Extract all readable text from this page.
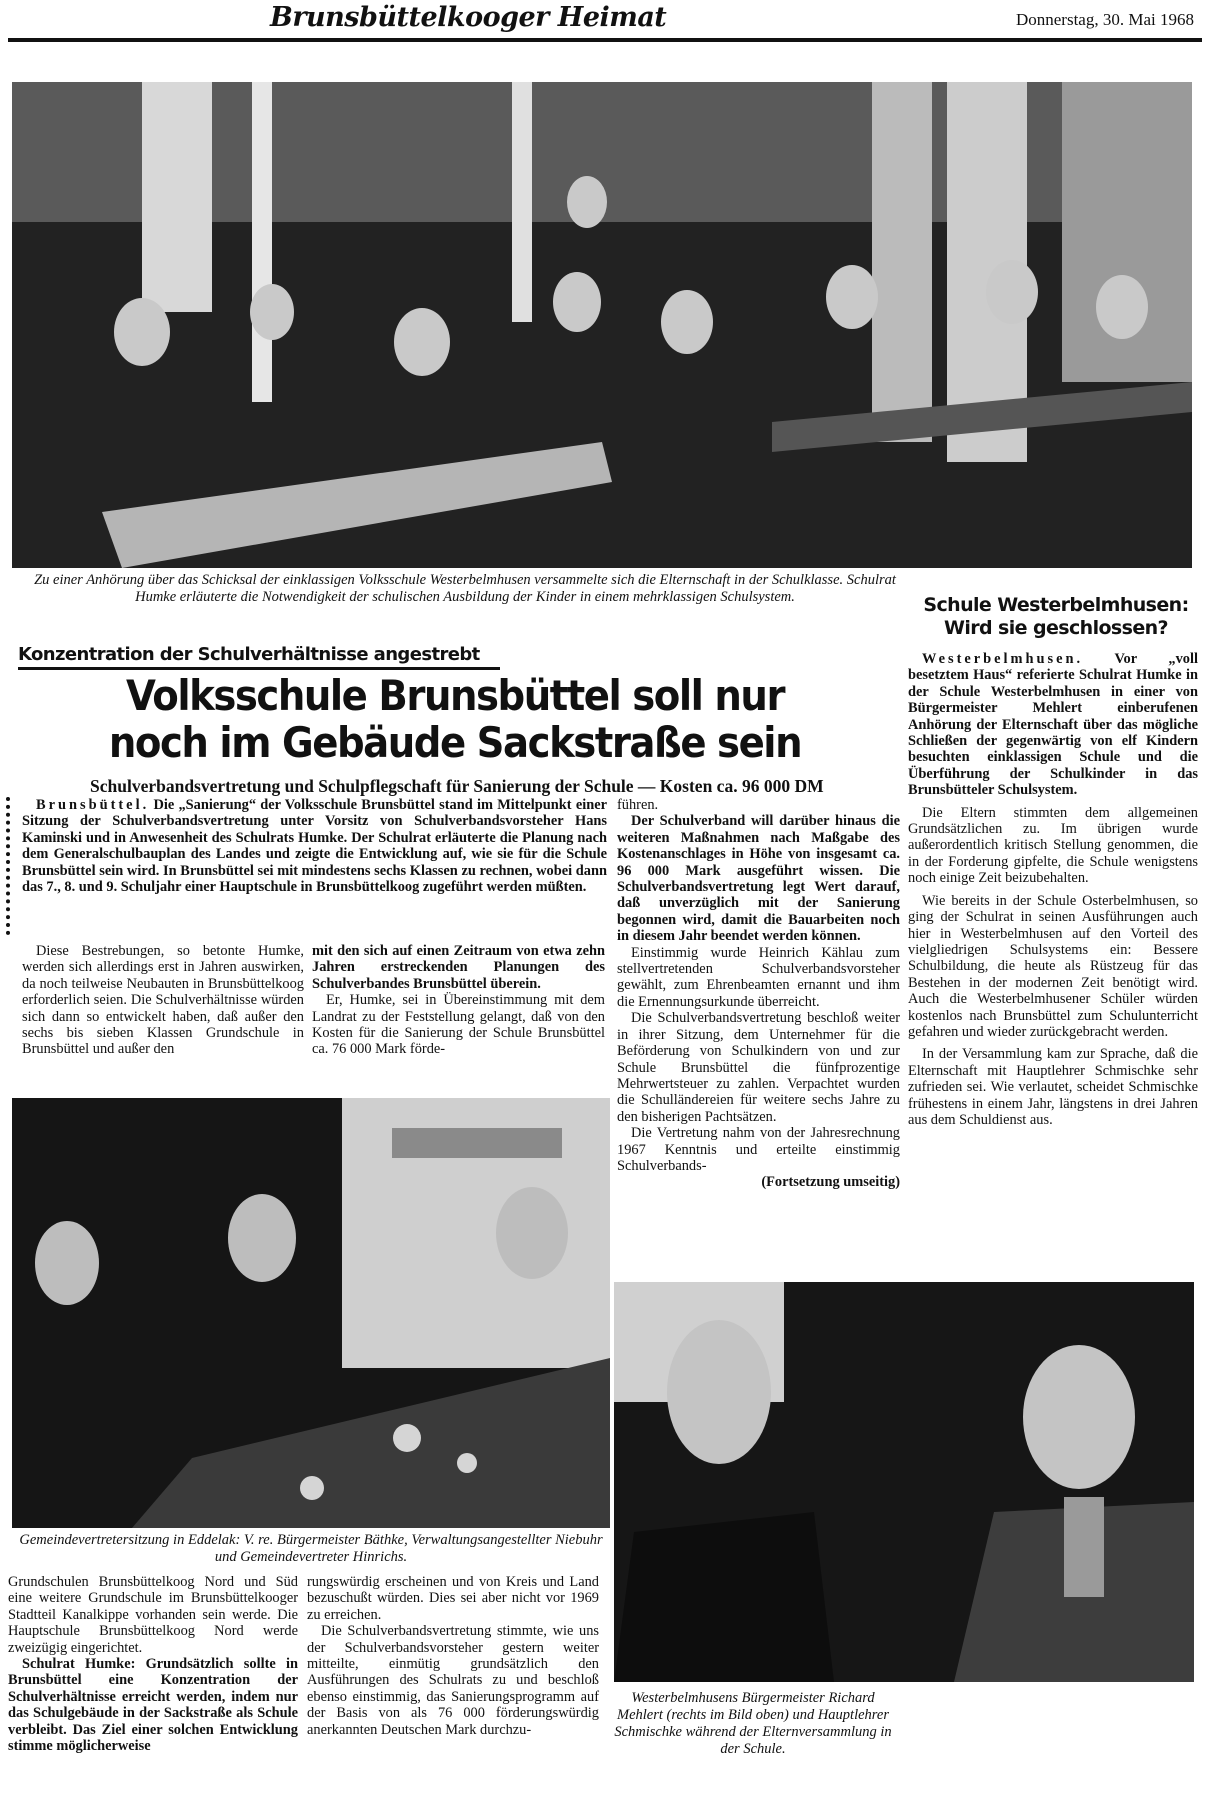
Brunsbüttelkooger Heimat	Donnerstag, 30. Mai 1968
Zu einer Anhörung über das Schicksal der einklassigen Volksschule Westerbelmhusen versammelte sich die Elternschaft in der Schulklasse. Schulrat Humke erläuterte die Notwendigkeit der schulischen Ausbildung der Kinder in einem mehrklassigen Schulsystem.
Konzentration der Schulverhältnisse angestrebt
Volksschule Brunsbüttel soll nur
noch im Gebäude Sackstraße sein
Schulverbandsvertretung und Schulpflegschaft für Sanierung der Schule — Kosten ca. 96 000 DM

Brunsbüttel. Die „Sanierung“ der Volksschule Brunsbüttel stand im Mittelpunkt einer Sitzung der Schulverbandsvertretung unter Vorsitz von Schulverbandsvorsteher Hans Kaminski und in Anwesenheit des Schulrats Humke. Der Schulrat erläuterte die Planung nach dem Generalschulbauplan des Landes und zeigte die Entwicklung auf, wie sie für die Schule Brunsbüttel sein wird. In Brunsbüttel sei mit mindestens sechs Klassen zu rechnen, wobei dann das 7., 8. und 9. Schuljahr einer Hauptschule in Brunsbüttelkoog zugeführt werden müßten.

Diese Bestrebungen, so betonte Humke, werden sich allerdings erst in Jahren auswirken, da noch teilweise Neubauten in Brunsbüttelkoog erforderlich seien. Die Schulverhältnisse würden sich dann so entwickelt haben, daß außer den sechs bis sieben Klassen Grundschule in Brunsbüttel und außer den

mit den sich auf einen Zeitraum von etwa zehn Jahren erstreckenden Planungen des Schulverbandes Brunsbüttel überein.

Er, Humke, sei in Übereinstimmung mit dem Landrat zu der Feststellung gelangt, daß von den Kosten für die Sanierung der Schule Brunsbüttel ca. 76 000 Mark förde-

führen.

Der Schulverband will darüber hinaus die weiteren Maßnahmen nach Maßgabe des Kostenanschlages in Höhe von insgesamt ca. 96 000 Mark ausgeführt wissen. Die Schulverbandsvertretung legt Wert darauf, daß unverzüglich mit der Sanierung begonnen wird, damit die Bauarbeiten noch in diesem Jahr beendet werden können.

Einstimmig wurde Heinrich Kählau zum stellvertretenden Schulverbandsvorsteher gewählt, zum Ehrenbeamten ernannt und ihm die Ernennungsurkunde überreicht.

Die Schulverbandsvertretung beschloß weiter in ihrer Sitzung, dem Unternehmer für die Beförderung von Schulkindern von und zur Schule Brunsbüttel die fünfprozentige Mehrwertsteuer zu zahlen. Verpachtet wurden die Schulländereien für weitere sechs Jahre zu den bisherigen Pachtsätzen.

Die Vertretung nahm von der Jahresrechnung 1967 Kenntnis und erteilte einstimmig Schulverbands-

(Fortsetzung umseitig)
Gemeindevertretersitzung in Eddelak: V. re. Bürgermeister Bäthke, Verwaltungsangestellter Niebuhr und Gemeindevertreter Hinrichs.

Grundschulen Brunsbüttelkoog Nord und Süd eine weitere Grundschule im Brunsbüttelkooger Stadtteil Kanalkippe vorhanden sein werde. Die Hauptschule Brunsbüttelkoog Nord werde zweizügig eingerichtet.

Schulrat Humke: Grundsätzlich sollte in Brunsbüttel eine Konzentration der Schulverhältnisse erreicht werden, indem nur das Schulgebäude in der Sackstraße als Schule verbleibt. Das Ziel einer solchen Entwicklung stimme möglicherweise

rungswürdig erscheinen und von Kreis und Land bezuschußt würden. Dies sei aber nicht vor 1969 zu erreichen.

Die Schulverbandsvertretung stimmte, wie uns der Schulverbandsvorsteher gestern weiter mitteilte, einmütig grundsätzlich den Ausführungen des Schulrats zu und beschloß ebenso einstimmig, das Sanierungsprogramm auf der Basis von als 76 000 förderungswürdig anerkannten Deutschen Mark durchzu-

Schule Westerbelmhusen:
Wird sie geschlossen?

Westerbelmhusen. Vor „voll besetztem Haus“ referierte Schulrat Humke in der Schule Westerbelmhusen in einer von Bürgermeister Mehlert einberufenen Anhörung der Elternschaft über das mögliche Schließen der gegenwärtig von elf Kindern besuchten einklassigen Schule und die Überführung der Schulkinder in das Brunsbütteler Schulsystem.

Die Eltern stimmten dem allgemeinen Grundsätzlichen zu. Im übrigen wurde außerordentlich kritisch Stellung genommen, die in der Forderung gipfelte, die Schule wenigstens noch einige Zeit beizubehalten.

Wie bereits in der Schule Osterbelmhusen, so ging der Schulrat in seinen Ausführungen auch hier in Westerbelmhusen auf den Vorteil des vielgliedrigen Schulsystems ein: Bessere Schulbildung, die heute als Rüstzeug für das Bestehen in der modernen Zeit benötigt wird. Auch die Westerbelmhusener Schüler würden kostenlos nach Brunsbüttel zum Schulunterricht gefahren und wieder zurückgebracht werden.

In der Versammlung kam zur Sprache, daß die Elternschaft mit Hauptlehrer Schmischke sehr zufrieden sei. Wie verlautet, scheidet Schmischke frühestens in einem Jahr, längstens in drei Jahren aus dem Schuldienst aus.

Westerbelmhusens Bürgermeister Richard Mehlert (rechts im Bild oben) und Hauptlehrer Schmischke während der Elternversammlung in der Schule.
